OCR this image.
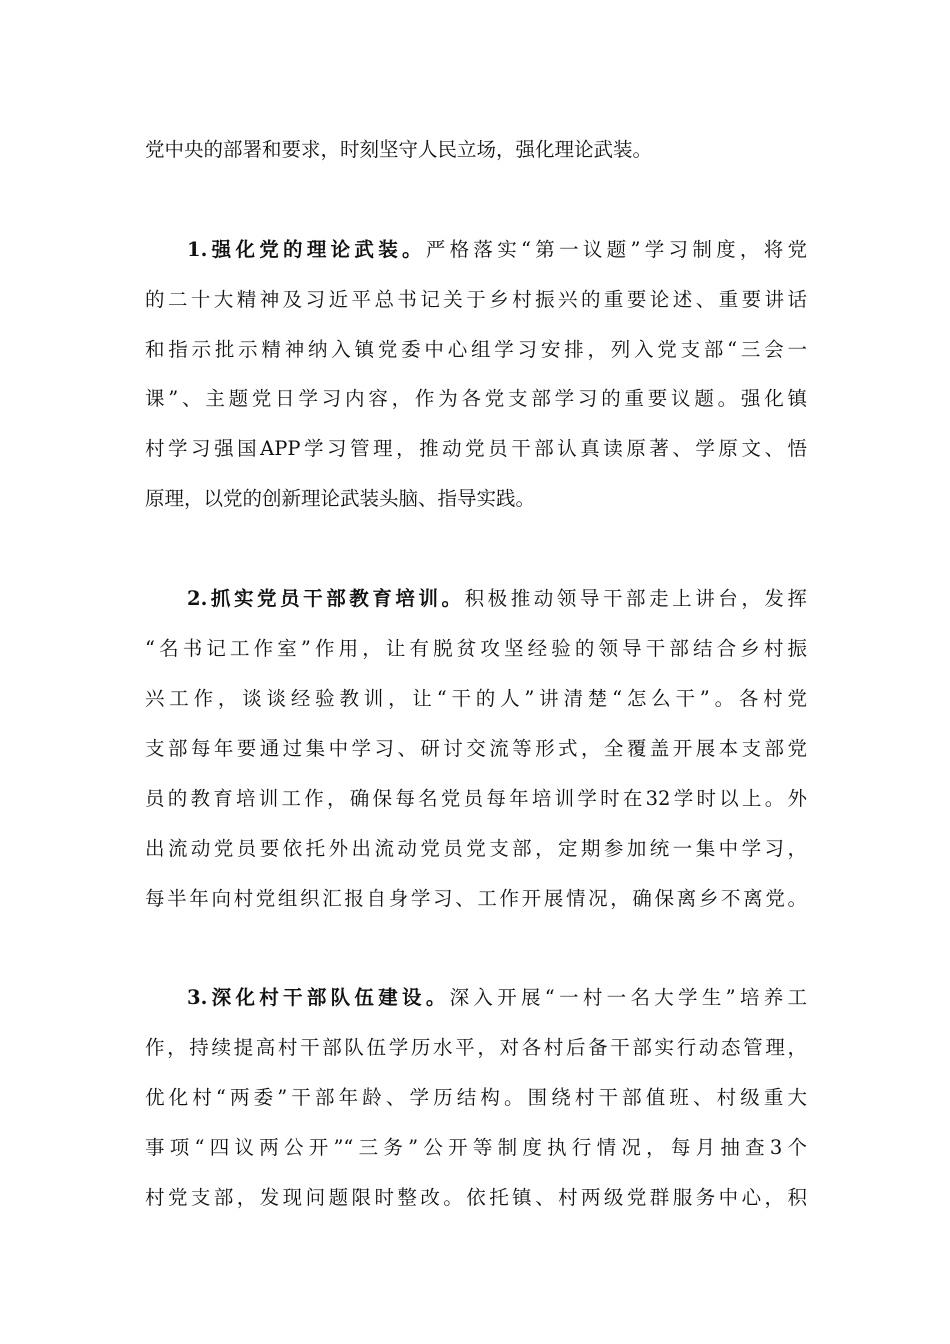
党中央的部署和要求，时刻坚守人民立场，强化理论武装。
1.强化党的理论武装。严格落实“第一议题”学习制度，将党
的二十大精神及习近平总书记关于乡村振兴的重要论述、重要讲话
和指示批示精神纳入镇党委中心组学习安排，列入党支部“三会一
课”、主题党日学习内容，作为各党支部学习的重要议题。强化镇
村学习强国APP学习管理，推动党员干部认真读原著、学原文、悟
原理，以党的创新理论武装头脑、指导实践。
2.抓实党员干部教育培训。积极推动领导干部走上讲台，发挥
“名书记工作室”作用，让有脱贫攻坚经验的领导干部结合乡村振
兴工作，谈谈经验教训，让“干的人”讲清楚“怎么干”。各村党
支部每年要通过集中学习、研讨交流等形式，全覆盖开展本支部党
员的教育培训工作，确保每名党员每年培训学时在32学时以上。外
出流动党员要依托外出流动党员党支部，定期参加统一集中学习，
每半年向村党组织汇报自身学习、工作开展情况，确保离乡不离党。
3.深化村干部队伍建设。深入开展“一村一名大学生”培养工
作，持续提高村干部队伍学历水平，对各村后备干部实行动态管理，
优化村“两委”干部年龄、学历结构。围绕村干部值班、村级重大
事项“四议两公开”“三务”公开等制度执行情况，每月抽查3个
村党支部，发现问题限时整改。依托镇、村两级党群服务中心，积
